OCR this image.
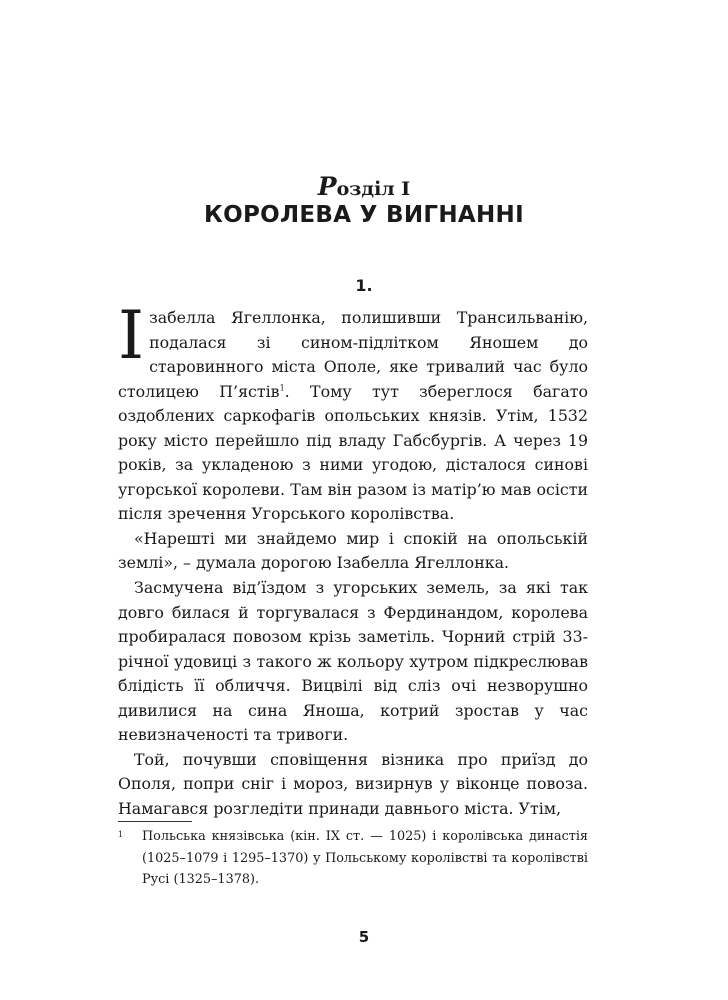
Розділ I
КОРОЛЕВА У ВИГНАННІ
1.

Ізабелла Ягеллонка, полишивши Трансильванію, подалася зі сином-підлітком Яношем до старовинного міста Ополе, яке тривалий час було столицею П’ястів$^1$. Тому тут збереглося багато оздоблених саркофагів опольських князів. Утім, 1532 року місто перейшло під владу Габсбургів. А через 19 років, за укладеною з ними угодою, дісталося синові угорської королеви. Там він разом із матір’ю мав осісти після зречення Угорського королівства.

«Нарешті ми знайдемо мир і спокій на опольській землі», – думала дорогою Ізабелла Ягеллонка.

Засмучена від’їздом з угорських земель, за які так довго билася й торгувалася з Фердинандом, королева пробиралася повозом крізь заметіль. Чорний стрій 33-річної удовиці з такого ж кольору хутром підкреслював блідість її обличчя. Вицвілі від сліз очі незворушно дивилися на сина Яноша, котрий зростав у час невизначеності та тривоги.

Той, почувши сповіщення візника про приїзд до Ополя, попри сніг і мороз, визирнув у віконце повоза. Намагався розгледіти принади давнього міста. Утім,

1 Польська князівська (кін. IX ст. — 1025) і королівська династія (1025–1079 і 1295–1370) у Польському королівстві та королівстві Русі (1325–1378).
5
